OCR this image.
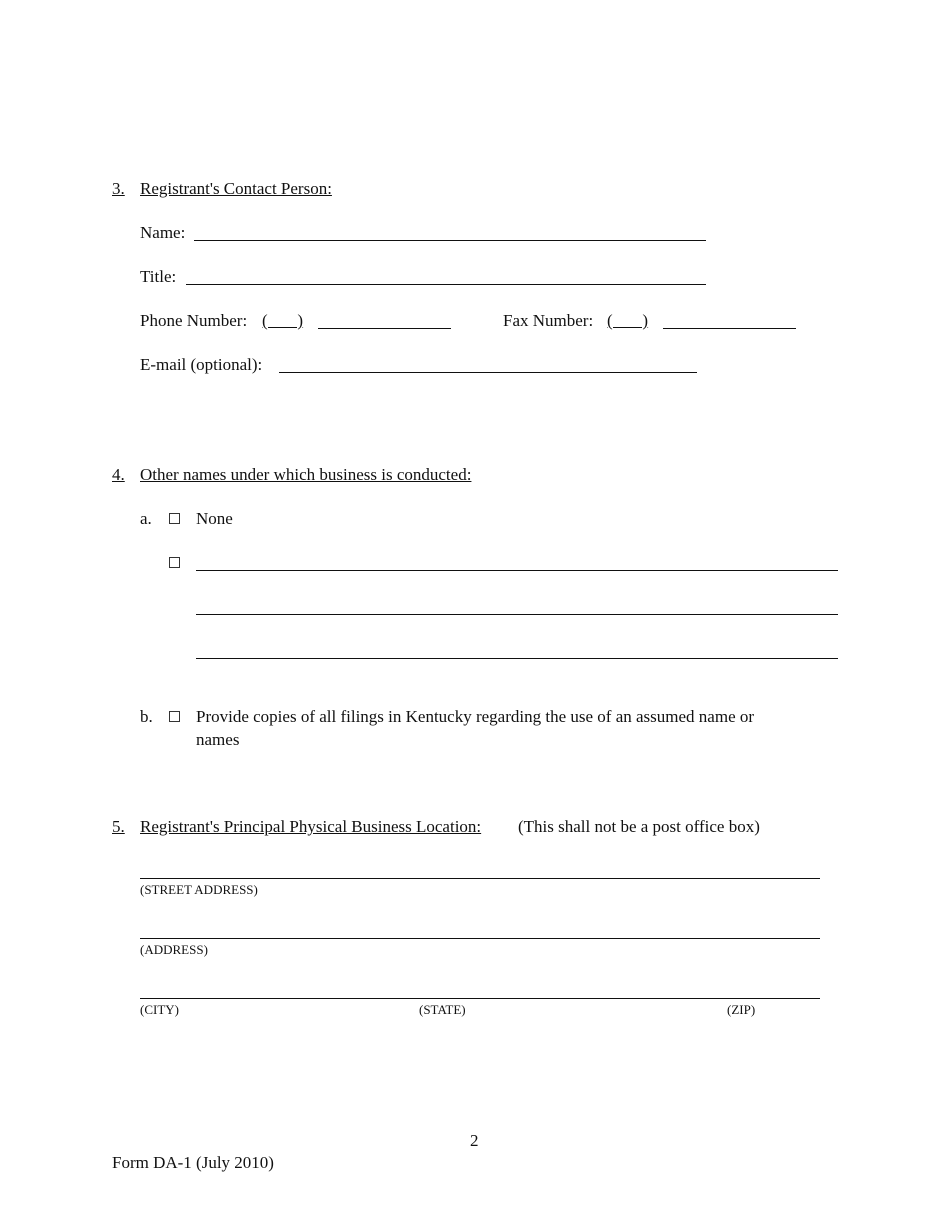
3. Registrant's Contact Person:
Name:
Title:
Phone Number: (       )	Fax Number: (       )
E-mail (optional):
4. Other names under which business is conducted:
a.	None
b.	Provide copies of all filings in Kentucky regarding the use of an assumed name or
names
5. Registrant's Principal Physical Business Location: (This shall not be a post office box)
(STREET ADDRESS)
(ADDRESS)
(CITY)	(STATE)	(ZIP)
2
Form DA-1 (July 2010)
